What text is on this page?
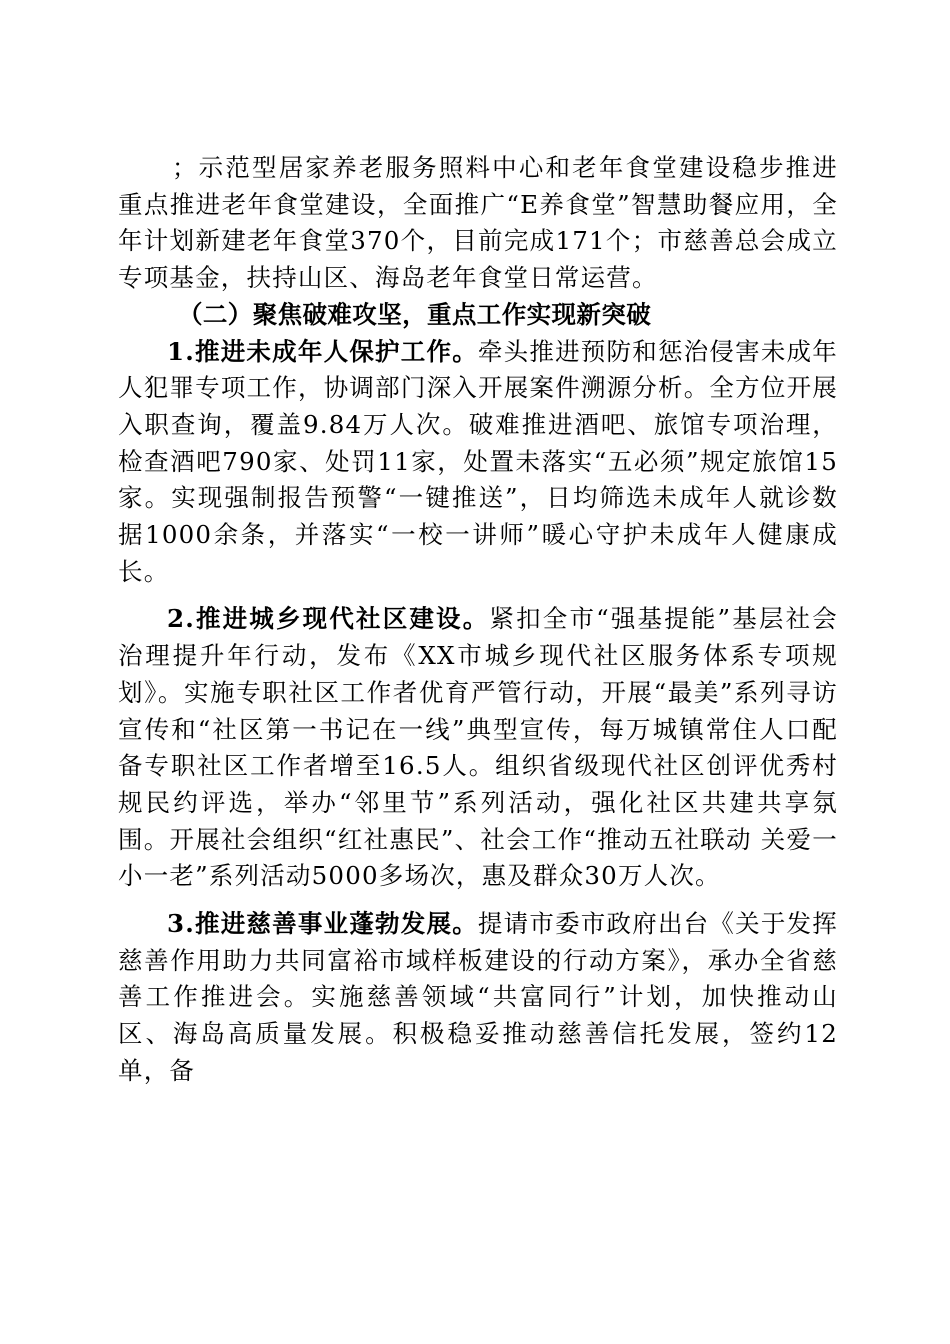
；示范型居家养老服务照料中心和老年食堂建设稳步推进重点推进老年食堂建设，全面推广“E养食堂”智慧助餐应用，全年计划新建老年食堂370个，目前完成171个；市慈善总会成立专项基金，扶持山区、海岛老年食堂日常运营。

（二）聚焦破难攻坚，重点工作实现新突破

1.推进未成年人保护工作。牵头推进预防和惩治侵害未成年人犯罪专项工作，协调部门深入开展案件溯源分析。全方位开展入职查询，覆盖9.84万人次。破难推进酒吧、旅馆专项治理，检查酒吧790家、处罚11家，处置未落实“五必须”规定旅馆15家。实现强制报告预警“一键推送”，日均筛选未成年人就诊数据1000余条，并落实“一校一讲师”暖心守护未成年人健康成长。

2.推进城乡现代社区建设。紧扣全市“强基提能”基层社会治理提升年行动，发布《XX市城乡现代社区服务体系专项规划》。实施专职社区工作者优育严管行动，开展“最美”系列寻访宣传和“社区第一书记在一线”典型宣传，每万城镇常住人口配备专职社区工作者增至16.5人。组织省级现代社区创评优秀村规民约评选，举办“邻里节”系列活动，强化社区共建共享氛围。开展社会组织“红社惠民”、社会工作“推动五社联动 关爱一小一老”系列活动5000多场次，惠及群众30万人次。

3.推进慈善事业蓬勃发展。提请市委市政府出台《关于发挥慈善作用助力共同富裕市域样板建设的行动方案》，承办全省慈善工作推进会。实施慈善领域“共富同行”计划，加快推动山区、海岛高质量发展。积极稳妥推动慈善信托发展，签约12单，备
